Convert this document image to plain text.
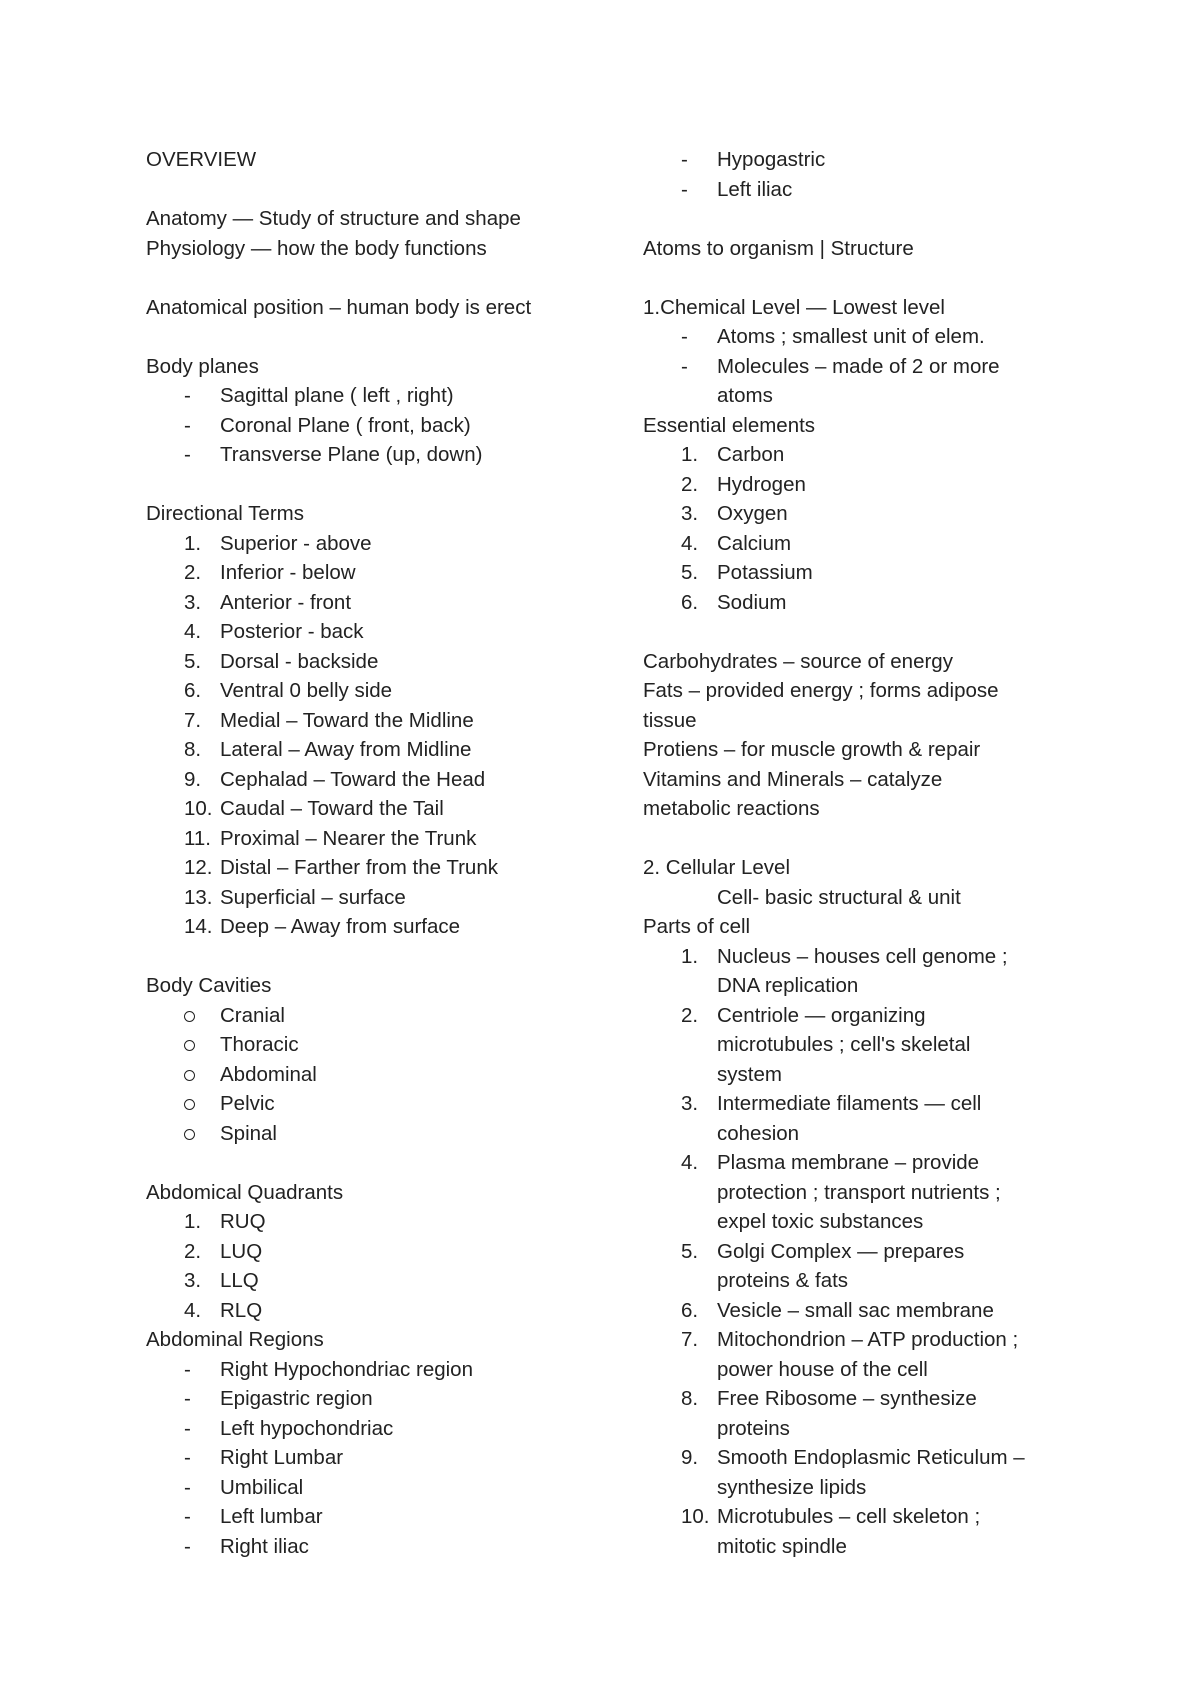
OVERVIEW
Anatomy — Study of structure and shape
Physiology — how the body functions
Anatomical position – human body is erect
Body planes
- Sagittal plane ( left , right)
- Coronal Plane ( front, back)
- Transverse Plane (up, down)
Directional Terms
1. Superior - above
2. Inferior - below
3. Anterior - front
4. Posterior - back
5. Dorsal - backside
6. Ventral 0 belly side
7. Medial – Toward the Midline
8. Lateral – Away from Midline
9. Cephalad – Toward the Head
10. Caudal – Toward the Tail
11. Proximal – Nearer the Trunk
12. Distal – Farther from the Trunk
13. Superficial – surface
14. Deep – Away from surface
Body Cavities
Cranial
Thoracic
Abdominal
Pelvic
Spinal
Abdomical Quadrants
1. RUQ
2. LUQ
3. LLQ
4. RLQ
Abdominal Regions
- Right Hypochondriac region
- Epigastric region
- Left hypochondriac
- Right Lumbar
- Umbilical
- Left lumbar
- Right iliac
- Hypogastric
- Left iliac
Atoms to organism | Structure
1.Chemical Level — Lowest level
- Atoms ; smallest unit of elem.
- Molecules – made of 2 or more
atoms
Essential elements
1. Carbon
2. Hydrogen
3. Oxygen
4. Calcium
5. Potassium
6. Sodium
Carbohydrates – source of energy
Fats – provided energy ; forms adipose
tissue
Protiens – for muscle growth & repair
Vitamins and Minerals – catalyze
metabolic reactions
2. Cellular Level
Cell- basic structural & unit
Parts of cell
1. Nucleus – houses cell genome ;
DNA replication
2. Centriole — organizing
microtubules ; cell's skeletal
system
3. Intermediate filaments — cell
cohesion
4. Plasma membrane – provide
protection ; transport nutrients ;
expel toxic substances
5. Golgi Complex — prepares
proteins & fats
6. Vesicle – small sac membrane
7. Mitochondrion – ATP production ;
power house of the cell
8. Free Ribosome – synthesize
proteins
9. Smooth Endoplasmic Reticulum –
synthesize lipids
10. Microtubules – cell skeleton ;
mitotic spindle
